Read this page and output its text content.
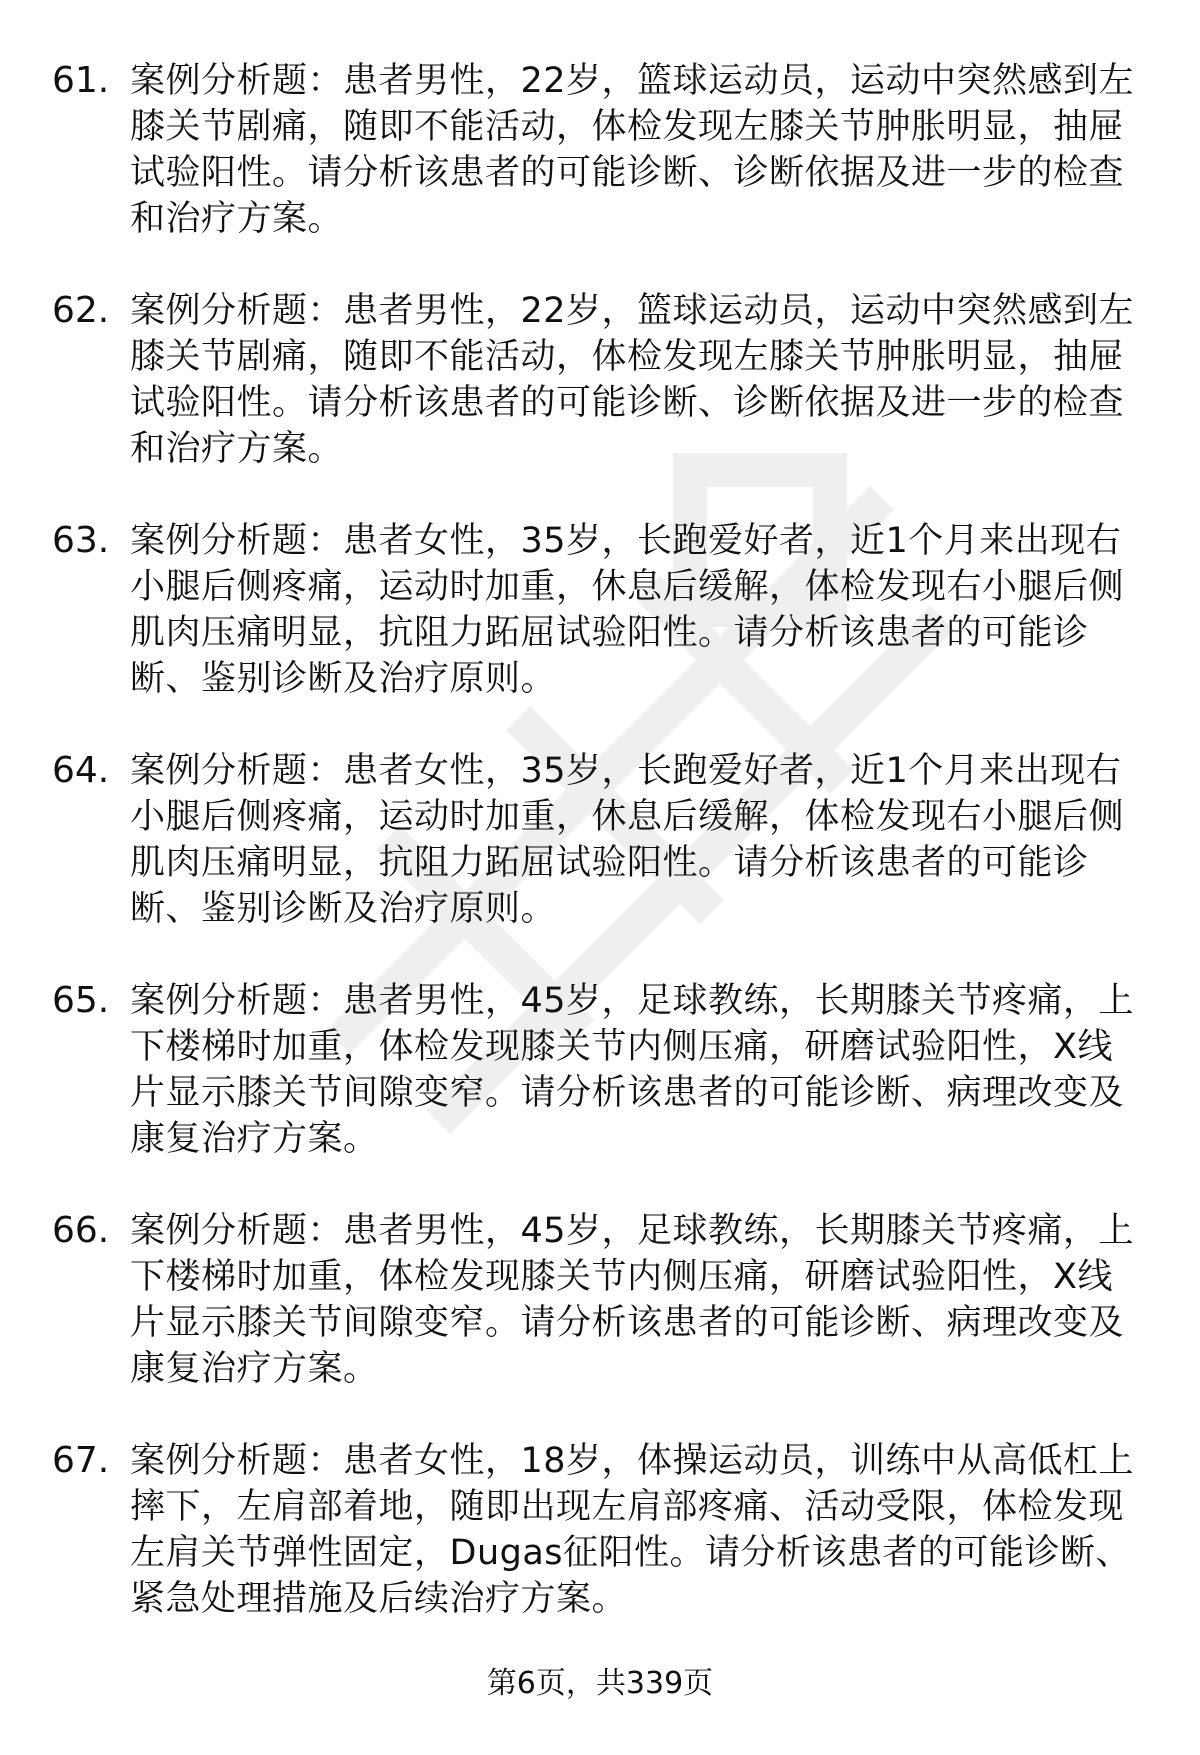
61. 案例分析题：患者男性，22岁，篮球运动员，运动中突然感到左膝关节剧痛，随即不能活动，体检发现左膝关节肿胀明显，抽屉试验阳性。请分析该患者的可能诊断、诊断依据及进一步的检查和治疗方案。
62. 案例分析题：患者男性，22岁，篮球运动员，运动中突然感到左膝关节剧痛，随即不能活动，体检发现左膝关节肿胀明显，抽屉试验阳性。请分析该患者的可能诊断、诊断依据及进一步的检查和治疗方案。
63. 案例分析题：患者女性，35岁，长跑爱好者，近1个月来出现右小腿后侧疼痛，运动时加重，休息后缓解，体检发现右小腿后侧肌肉压痛明显，抗阻力跖屈试验阳性。请分析该患者的可能诊断、鉴别诊断及治疗原则。
64. 案例分析题：患者女性，35岁，长跑爱好者，近1个月来出现右小腿后侧疼痛，运动时加重，休息后缓解，体检发现右小腿后侧肌肉压痛明显，抗阻力跖屈试验阳性。请分析该患者的可能诊断、鉴别诊断及治疗原则。
65. 案例分析题：患者男性，45岁，足球教练，长期膝关节疼痛，上下楼梯时加重，体检发现膝关节内侧压痛，研磨试验阳性，X线片显示膝关节间隙变窄。请分析该患者的可能诊断、病理改变及康复治疗方案。
66. 案例分析题：患者男性，45岁，足球教练，长期膝关节疼痛，上下楼梯时加重，体检发现膝关节内侧压痛，研磨试验阳性，X线片显示膝关节间隙变窄。请分析该患者的可能诊断、病理改变及康复治疗方案。
67. 案例分析题：患者女性，18岁，体操运动员，训练中从高低杠上摔下，左肩部着地，随即出现左肩部疼痛、活动受限，体检发现左肩关节弹性固定，Dugas征阳性。请分析该患者的可能诊断、紧急处理措施及后续治疗方案。
第6页，共339页
